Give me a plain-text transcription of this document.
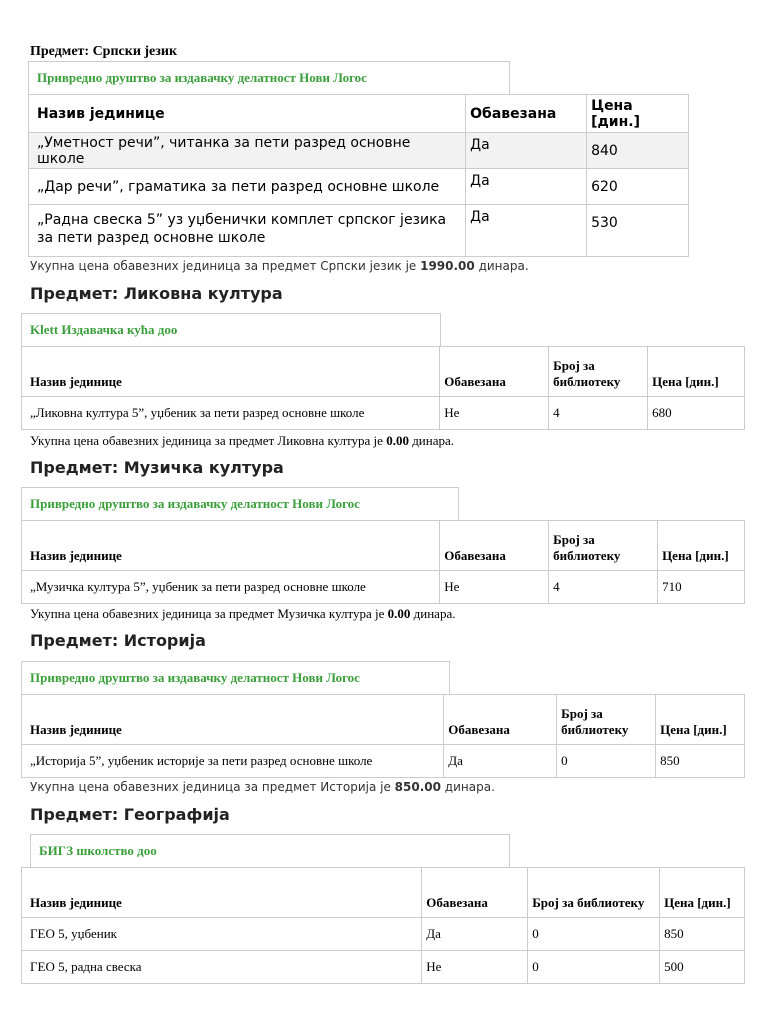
Предмет: Српски језик
Привредно друштво за издавачку делатност Нови Логос
Назив јединице	Обавезана	Цена [дин.]
„Уметност речи”, читанка за пети разред основне школе	Да	840
„Дар речи”, граматика за пети разред основне школе	Да	620
„Радна свеска 5” уз уџбенички комплет српског језика за пети разред основне школе	Да	530
Укупна цена обавезних јединица за предмет Српски језик је 1990.00 динара.
Предмет: Ликовна култура
Klett Издавачка кућа доо
Назив јединице	Обавезана	Број за библиотеку	Цена [дин.]
„Ликовна култура 5”, уџбеник за пети разред основне школе	Не	4	680
Укупна цена обавезних јединица за предмет Ликовна култура је 0.00 динара.
Предмет: Музичка култура
Привредно друштво за издавачку делатност Нови Логос
Назив јединице	Обавезана	Број за библиотеку	Цена [дин.]
„Музичка култура 5”, уџбеник за пети разред основне школе	Не	4	710
Укупна цена обавезних јединица за предмет Музичка култура је 0.00 динара.
Предмет: Историја
Привредно друштво за издавачку делатност Нови Логос
Назив јединице	Обавезана	Број за библиотеку	Цена [дин.]
„Историја 5”, уџбеник историје за пети разред основне школе	Да	0	850
Укупна цена обавезних јединица за предмет Историја је 850.00 динара.
Предмет: Географија
БИГЗ школство доо
Назив јединице	Обавезана	Број за библиотеку	Цена [дин.]
ГЕО 5, уџбеник	Да	0	850
ГЕО 5, радна свеска	Не	0	500
